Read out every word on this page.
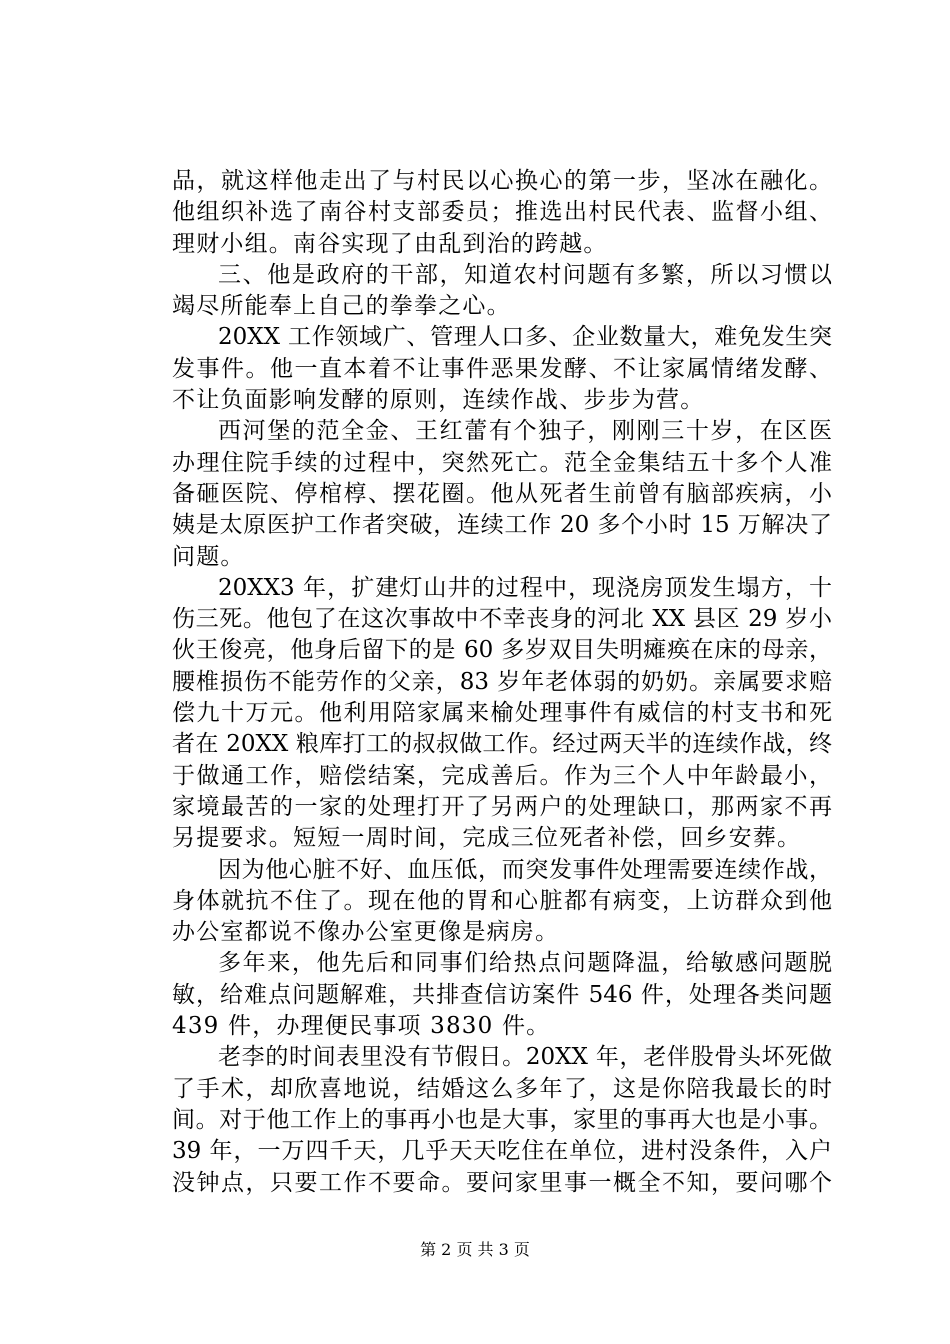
品，就这样他走出了与村民以心换心的第一步，坚冰在融化。
他组织补选了南谷村支部委员；推选出村民代表、监督小组、
理财小组。南谷实现了由乱到治的跨越。
三、他是政府的干部，知道农村问题有多繁，所以习惯以
竭尽所能奉上自己的拳拳之心。
20XX 工作领域广、管理人口多、企业数量大，难免发生突
发事件。他一直本着不让事件恶果发酵、不让家属情绪发酵、
不让负面影响发酵的原则，连续作战、步步为营。
西河堡的范全金、王红蕾有个独子，刚刚三十岁，在区医
办理住院手续的过程中，突然死亡。范全金集结五十多个人准
备砸医院、停棺椁、摆花圈。他从死者生前曾有脑部疾病，小
姨是太原医护工作者突破，连续工作 20 多个小时 15 万解决了
问题。
20XX3 年，扩建灯山井的过程中，现浇房顶发生塌方，十
伤三死。他包了在这次事故中不幸丧身的河北 XX 县区 29 岁小
伙王俊亮，他身后留下的是 60 多岁双目失明瘫痪在床的母亲，
腰椎损伤不能劳作的父亲，83 岁年老体弱的奶奶。亲属要求赔
偿九十万元。他利用陪家属来榆处理事件有威信的村支书和死
者在 20XX 粮库打工的叔叔做工作。经过两天半的连续作战，终
于做通工作，赔偿结案，完成善后。作为三个人中年龄最小，
家境最苦的一家的处理打开了另两户的处理缺口，那两家不再
另提要求。短短一周时间，完成三位死者补偿，回乡安葬。
因为他心脏不好、血压低，而突发事件处理需要连续作战，
身体就抗不住了。现在他的胃和心脏都有病变，上访群众到他
办公室都说不像办公室更像是病房。
多年来，他先后和同事们给热点问题降温，给敏感问题脱
敏，给难点问题解难，共排查信访案件 546 件，处理各类问题
439 件，办理便民事项 3830 件。
老李的时间表里没有节假日。20XX 年，老伴股骨头坏死做
了手术，却欣喜地说，结婚这么多年了，这是你陪我最长的时
间。对于他工作上的事再小也是大事，家里的事再大也是小事。
39 年，一万四千天，几乎天天吃住在单位，进村没条件，入户
没钟点，只要工作不要命。要问家里事一概全不知，要问哪个
第 2 页 共 3 页
